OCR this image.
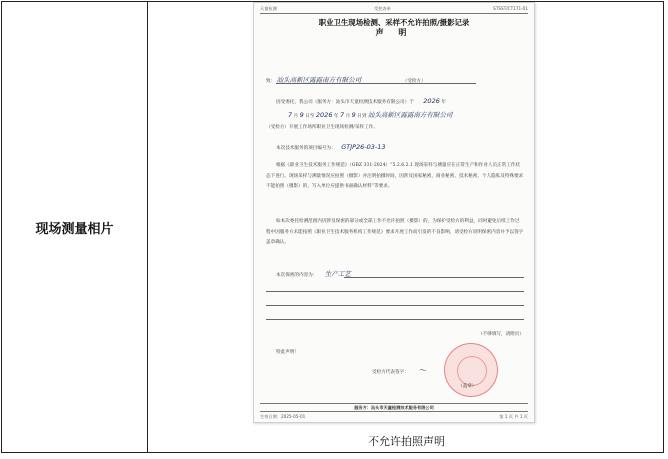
现场测量相片
天童检测	受控表单	STSST/CT171-01
职业卫生现场检测、采样不允许拍照/摄影记录
声 明
致： 汕头高新区露露南方有限公司	（受检方）
因受委托，我公司（服务方：汕头市天童检测技术服务有限公司）于 2026 年
7 月 9 日至 2026 年 7 月 9 日到 汕头高新区露露南方有限公司
（受检方）开展工作场所职业卫生现场检测/采样工作。
本次技术服务的项目编号为： GTJP26-03-13
根据《职业卫生技术服务工作规范》（GBZ 331-2024）“5.2.6.2.1 现场采样与测量应在正常生产和作业人员正常工作状态下进行。现场采样与测量情况应拍照（摄影）并注明拍摄时间，因涉及国家秘密、商业秘密、技术秘密、个人隐私及特殊要求不能拍照（摄影）的，写入单位应提供书面确认材料”等要求。
如本次委托检测范围内因涉及保密的部分或全部工作不允许拍照（摄影）的，为保护受检方的利益，同时避免后续工作过程中因服务方未能按照《职业卫生技术服务机构工作规范》要求开展工作而引发的不良影响，请受检方说明保密内容并予以签字盖章确认。
本次保密的内容为： 生产工艺
（不够填写，请附页）
特此声明！
受检方代表签字： 〜
（盖章）
服务方：汕头市天童检测技术服务有限公司
生效日期：2025-05-01	第 1 页 共 1 页
不允许拍照声明
